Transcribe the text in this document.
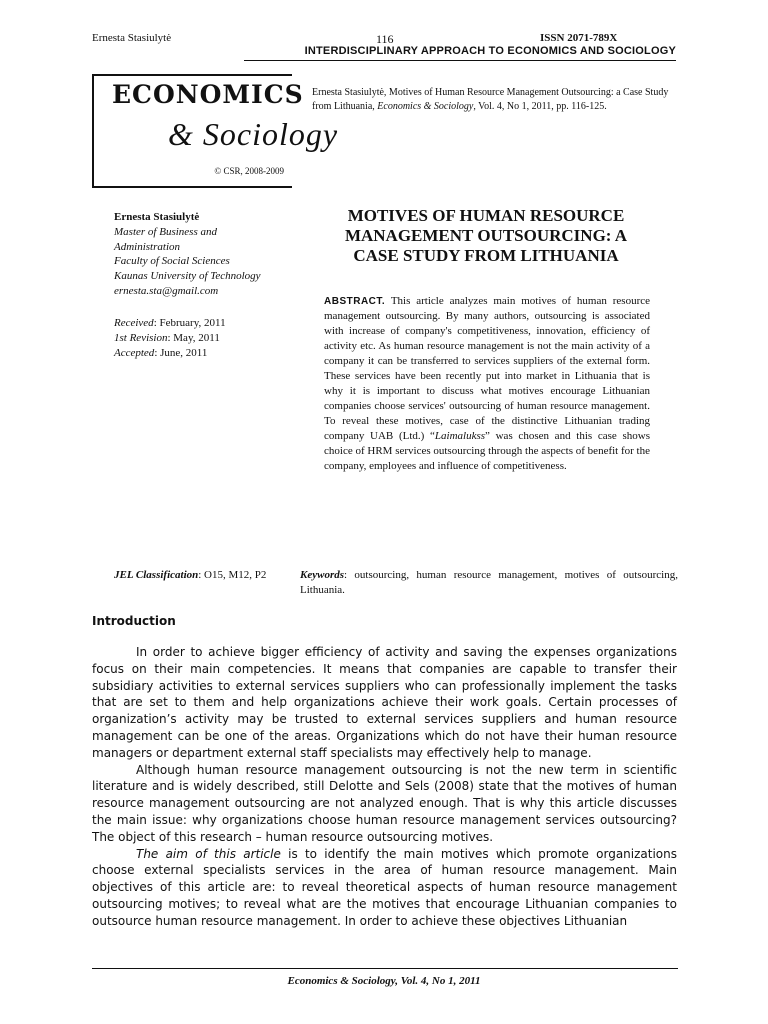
Ernesta Stasiulytė	116	ISSN 2071-789X
INTERDISCIPLINARY APPROACH TO ECONOMICS AND SOCIOLOGY
ECONOMICS
& Sociology
© CSR, 2008-2009
Ernesta Stasiulytė, Motives of Human Resource Management Outsourcing: a Case Study from Lithuania, Economics & Sociology, Vol. 4, No 1, 2011, pp. 116-125.
Ernesta Stasiulytė
Master of Business and
Administration
Faculty of Social Sciences
Kaunas University of Technology
ernesta.sta@gmail.com
Received: February, 2011
1st Revision: May, 2011
Accepted: June, 2011
MOTIVES OF HUMAN RESOURCE
MANAGEMENT OUTSOURCING: A
CASE STUDY FROM LITHUANIA
ABSTRACT. This article analyzes main motives of human resource management outsourcing. By many authors, outsourcing is associated with increase of company's competitiveness, innovation, efficiency of activity etc. As human resource management is not the main activity of a company it can be transferred to services suppliers of the external form. These services have been recently put into market in Lithuania that is why it is important to discuss what motives encourage Lithuanian companies choose services' outsourcing of human resource management. To reveal these motives, case of the distinctive Lithuanian trading company UAB (Ltd.) “Laimalukss” was chosen and this case shows choice of HRM services outsourcing through the aspects of benefit for the company, employees and influence of competitiveness.
JEL Classification: O15, M12, P2	Keywords: outsourcing, human resource management, motives of outsourcing, Lithuania.
Introduction

In order to achieve bigger efficiency of activity and saving the expenses organizations focus on their main competencies. It means that companies are capable to transfer their subsidiary activities to external services suppliers who can professionally implement the tasks that are set to them and help organizations achieve their work goals. Certain processes of organization’s activity may be trusted to external services suppliers and human resource management can be one of the areas. Organizations which do not have their human resource managers or department external staff specialists may effectively help to manage.

Although human resource management outsourcing is not the new term in scientific literature and is widely described, still Delotte and Sels (2008) state that the motives of human resource management outsourcing are not analyzed enough. That is why this article discusses the main issue: why organizations choose human resource management services outsourcing? The object of this research – human resource outsourcing motives.

The aim of this article is to identify the main motives which promote organizations choose external specialists services in the area of human resource management. Main objectives of this article are: to reveal theoretical aspects of human resource management outsourcing motives; to reveal what are the motives that encourage Lithuanian companies to outsource human resource management. In order to achieve these objectives Lithuanian

Economics & Sociology, Vol. 4, No 1, 2011
